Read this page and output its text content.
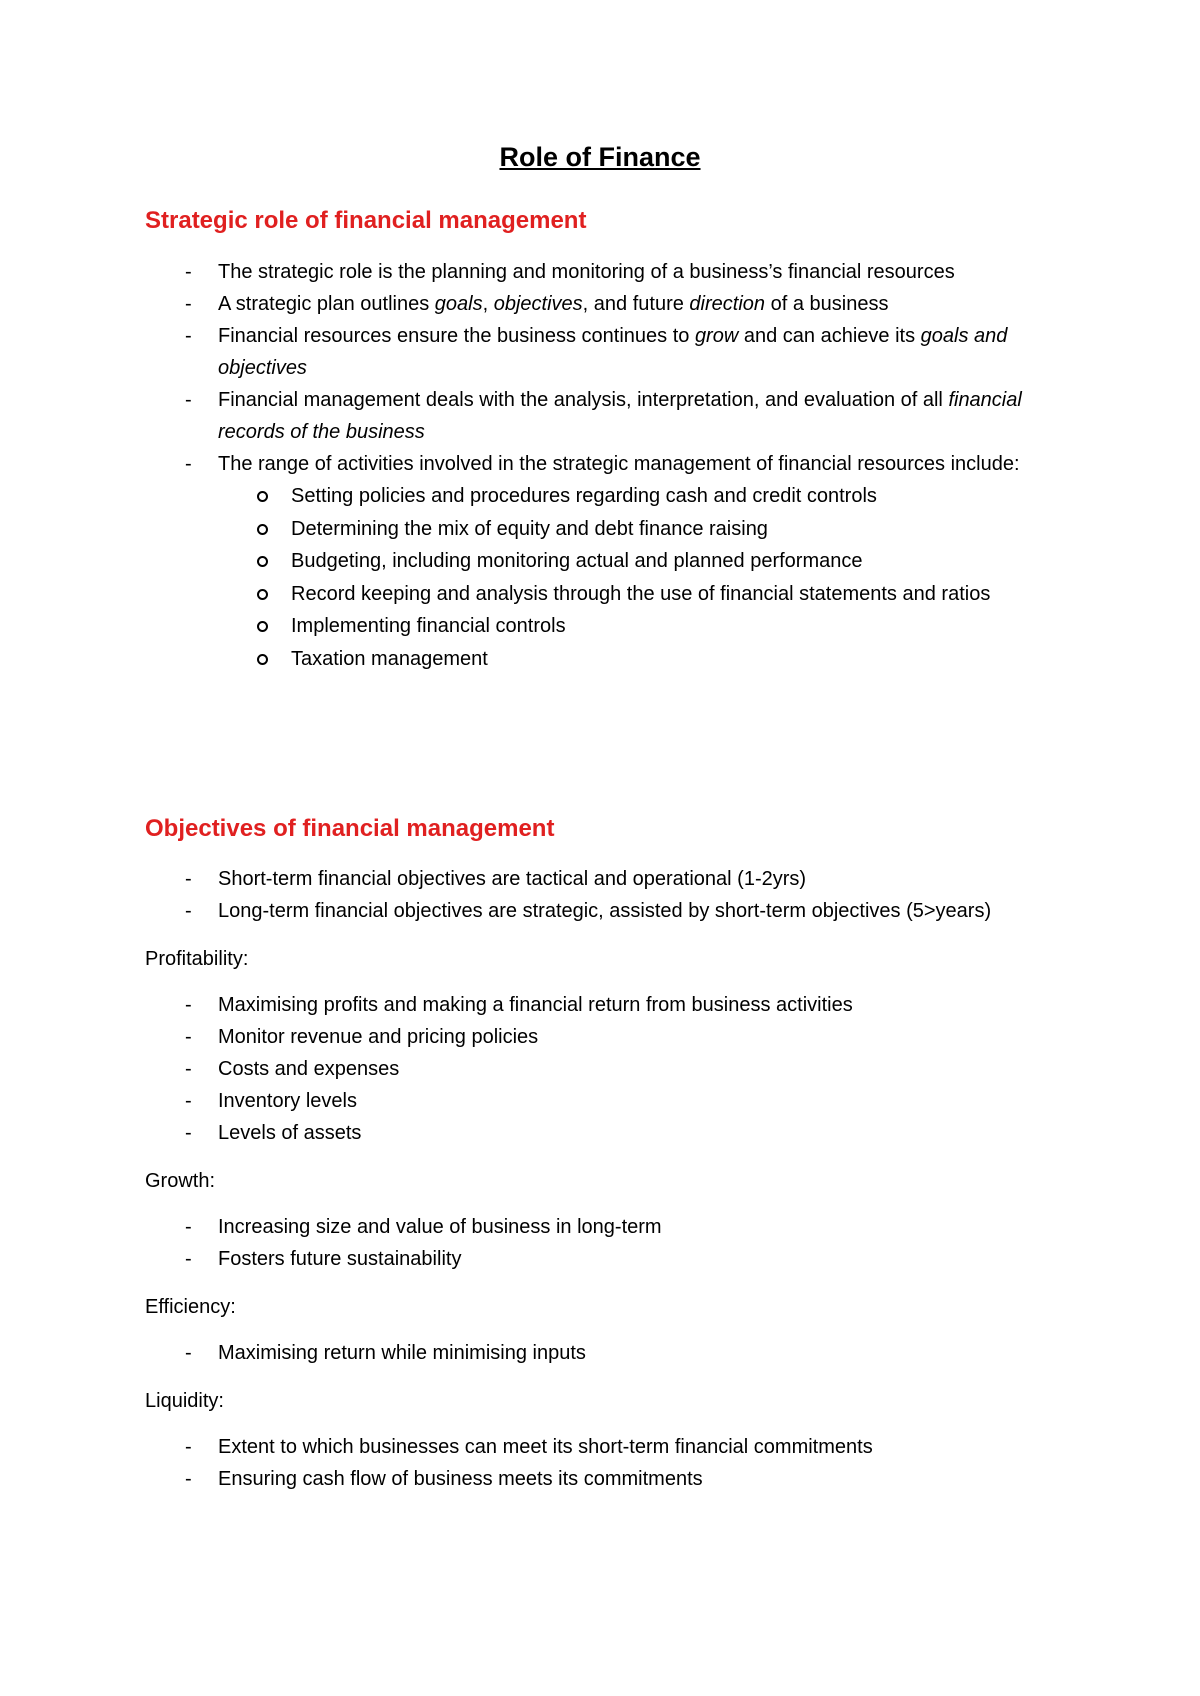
Role of Finance
Strategic role of financial management
- The strategic role is the planning and monitoring of a business’s financial resources
- A strategic plan outlines goals, objectives, and future direction of a business
- Financial resources ensure the business continues to grow and can achieve its goals and objectives
- Financial management deals with the analysis, interpretation, and evaluation of all financial records of the business
- The range of activities involved in the strategic management of financial resources include:
Setting policies and procedures regarding cash and credit controls
Determining the mix of equity and debt finance raising
Budgeting, including monitoring actual and planned performance
Record keeping and analysis through the use of financial statements and ratios
Implementing financial controls
Taxation management
Objectives of financial management
- Short-term financial objectives are tactical and operational (1-2yrs)
- Long-term financial objectives are strategic, assisted by short-term objectives (5>years)
Profitability:
- Maximising profits and making a financial return from business activities
- Monitor revenue and pricing policies
- Costs and expenses
- Inventory levels
- Levels of assets
Growth:
- Increasing size and value of business in long-term
- Fosters future sustainability
Efficiency:
- Maximising return while minimising inputs
Liquidity:
- Extent to which businesses can meet its short-term financial commitments
- Ensuring cash flow of business meets its commitments
